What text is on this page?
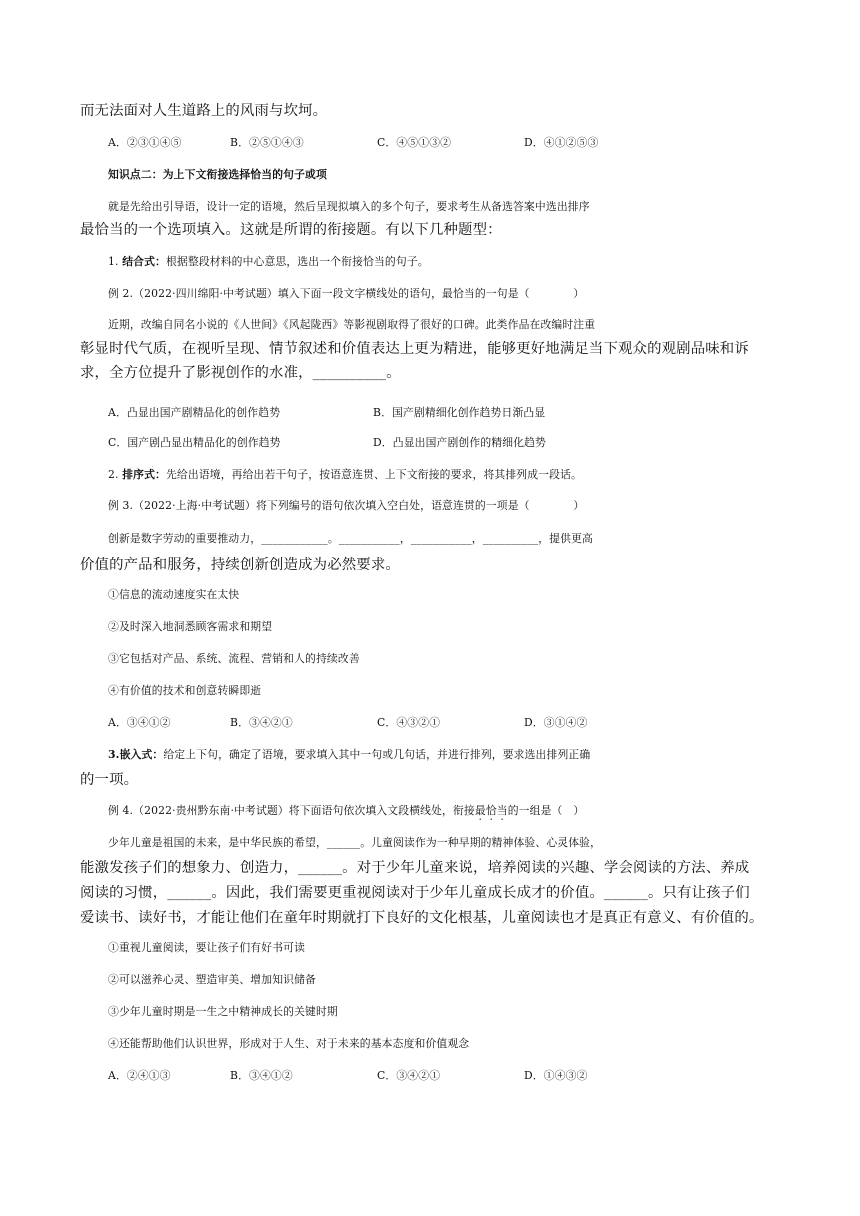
而无法面对人生道路上的风雨与坎坷。
A．②③①④⑤	B．②⑤①④③	C．④⑤①③②	D．④①②⑤③
知识点二：为上下文衔接选择恰当的句子或项
就是先给出引导语，设计一定的语境，然后呈现拟填入的多个句子，要求考生从备选答案中选出排序
最恰当的一个选项填入。这就是所谓的衔接题。有以下几种题型：
1. 结合式：根据整段材料的中心意思，选出一个衔接恰当的句子。
例 2.（2022·四川绵阳·中考试题）填入下面一段文字横线处的语句，最恰当的一句是（　　　　）
近期，改编自同名小说的《人世间》《风起陇西》等影视剧取得了很好的口碑。此类作品在改编时注重
彰显时代气质，在视听呈现、情节叙述和价值表达上更为精进，能够更好地满足当下观众的观剧品味和诉
求，全方位提升了影视创作的水准，__________。
A．凸显出国产剧精品化的创作趋势	B．国产剧精细化创作趋势日渐凸显
C．国产剧凸显出精品化的创作趋势	D．凸显出国产剧创作的精细化趋势
2. 排序式：先给出语境，再给出若干句子，按语意连贯、上下文衔接的要求，将其排列成一段话。
例 3.（2022·上海·中考试题）将下列编号的语句依次填入空白处，语意连贯的一项是（　　　　）
创新是数字劳动的重要推动力，____________。___________，___________，__________，提供更高
价值的产品和服务，持续创新创造成为必然要求。
①信息的流动速度实在太快
②及时深入地洞悉顾客需求和期望
③它包括对产品、系统、流程、营销和人的持续改善
④有价值的技术和创意转瞬即逝
A．③④①②	B．③④②①	C．④③②①	D．③①④②
3.嵌入式：给定上下句，确定了语境，要求填入其中一句或几句话，并进行排列，要求选出排列正确
的一项。
例 4.（2022·贵州黔东南·中考试题）将下面语句依次填入文段横线处，衔接最恰当的一组是（　）
少年儿童是祖国的未来，是中华民族的希望，______。儿童阅读作为一种早期的精神体验、心灵体验，
能激发孩子们的想象力、创造力，______。对于少年儿童来说，培养阅读的兴趣、学会阅读的方法、养成
阅读的习惯，______。因此，我们需要更重视阅读对于少年儿童成长成才的价值。______。只有让孩子们
爱读书、读好书，才能让他们在童年时期就打下良好的文化根基，儿童阅读也才是真正有意义、有价值的。
①重视儿童阅读，要让孩子们有好书可读
②可以滋养心灵、塑造审美、增加知识储备
③少年儿童时期是一生之中精神成长的关键时期
④还能帮助他们认识世界，形成对于人生、对于未来的基本态度和价值观念
A．②④①③	B．③④①②	C．③④②①	D．①④③②
